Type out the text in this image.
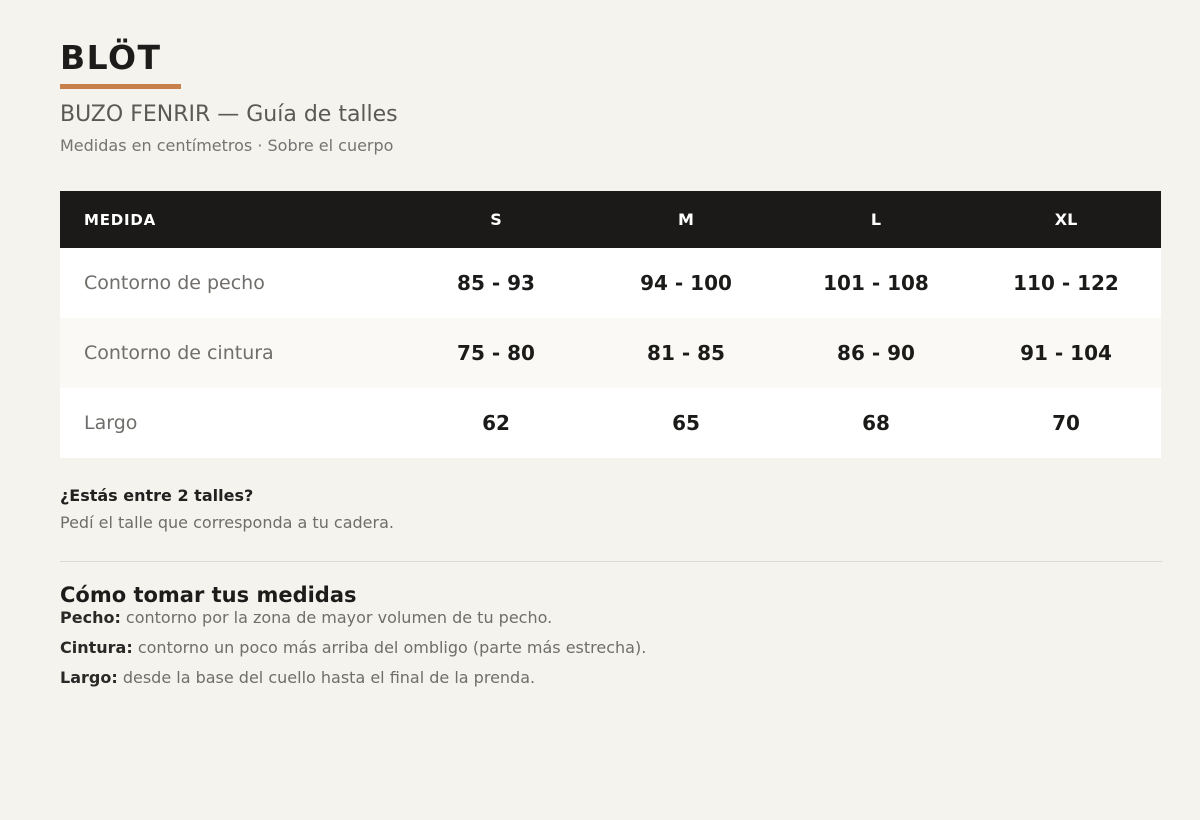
BLÖT
BUZO FENRIR — Guía de talles
Medidas en centímetros · Sobre el cuerpo
MEDIDA	S	M	L	XL
Contorno de pecho	85 - 93	94 - 100	101 - 108	110 - 122
Contorno de cintura	75 - 80	81 - 85	86 - 90	91 - 104
Largo	62	65	68	70
¿Estás entre 2 talles?
Pedí el talle que corresponda a tu cadera.
Cómo tomar tus medidas
Pecho: contorno por la zona de mayor volumen de tu pecho.
Cintura: contorno un poco más arriba del ombligo (parte más estrecha).
Largo: desde la base del cuello hasta el final de la prenda.
